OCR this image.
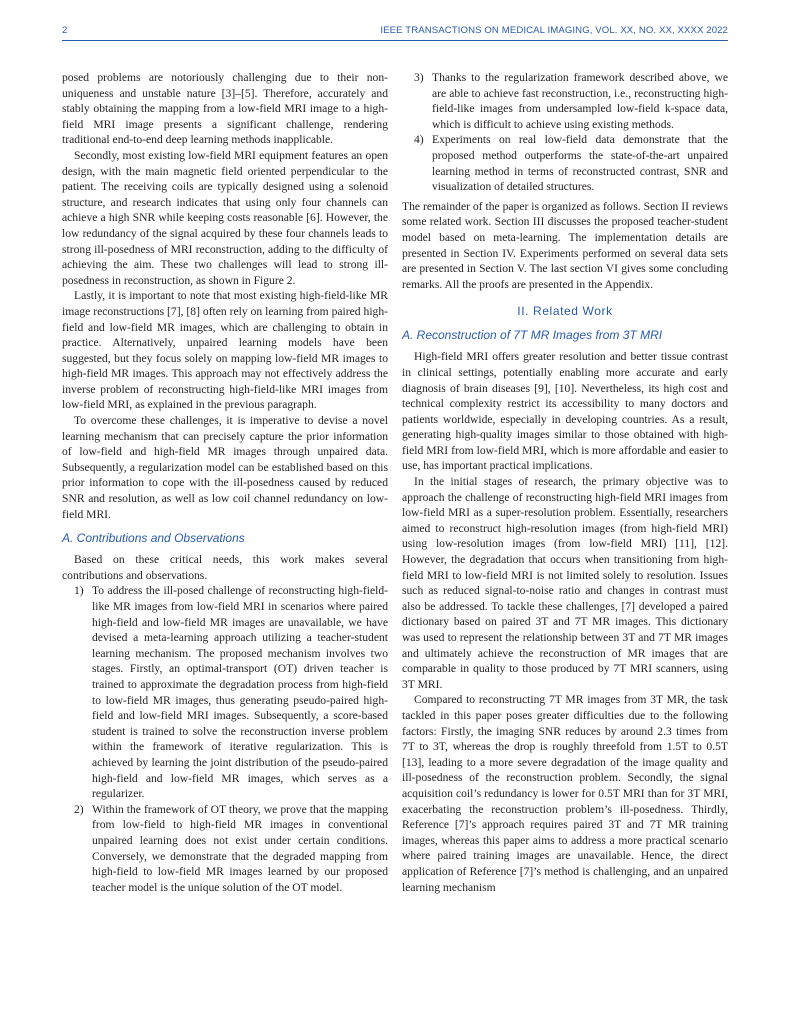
2	IEEE TRANSACTIONS ON MEDICAL IMAGING, VOL. XX, NO. XX, XXXX 2022

posed problems are notoriously challenging due to their non-uniqueness and unstable nature [3]–[5]. Therefore, accurately and stably obtaining the mapping from a low-field MRI image to a high-field MRI image presents a significant challenge, rendering traditional end-to-end deep learning methods inapplicable.

Secondly, most existing low-field MRI equipment features an open design, with the main magnetic field oriented perpendicular to the patient. The receiving coils are typically designed using a solenoid structure, and research indicates that using only four channels can achieve a high SNR while keeping costs reasonable [6]. However, the low redundancy of the signal acquired by these four channels leads to strong ill-posedness of MRI reconstruction, adding to the difficulty of achieving the aim. These two challenges will lead to strong ill-posedness in reconstruction, as shown in Figure 2.

Lastly, it is important to note that most existing high-field-like MR image reconstructions [7], [8] often rely on learning from paired high-field and low-field MR images, which are challenging to obtain in practice. Alternatively, unpaired learning models have been suggested, but they focus solely on mapping low-field MR images to high-field MR images. This approach may not effectively address the inverse problem of reconstructing high-field-like MRI images from low-field MRI, as explained in the previous paragraph.

To overcome these challenges, it is imperative to devise a novel learning mechanism that can precisely capture the prior information of low-field and high-field MR images through unpaired data. Subsequently, a regularization model can be established based on this prior information to cope with the ill-posedness caused by reduced SNR and resolution, as well as low coil channel redundancy on low-field MRI.

A. Contributions and Observations

Based on these critical needs, this work makes several contributions and observations.

1) To address the ill-posed challenge of reconstructing high-field-like MR images from low-field MRI in scenarios where paired high-field and low-field MR images are unavailable, we have devised a meta-learning approach utilizing a teacher-student learning mechanism. The proposed mechanism involves two stages. Firstly, an optimal-transport (OT) driven teacher is trained to approximate the degradation process from high-field to low-field MR images, thus generating pseudo-paired high-field and low-field MRI images. Subsequently, a score-based student is trained to solve the reconstruction inverse problem within the framework of iterative regularization. This is achieved by learning the joint distribution of the pseudo-paired high-field and low-field MR images, which serves as a regularizer.
2) Within the framework of OT theory, we prove that the mapping from low-field to high-field MR images in conventional unpaired learning does not exist under certain conditions. Conversely, we demonstrate that the degraded mapping from high-field to low-field MR images learned by our proposed teacher model is the unique solution of the OT model.
3) Thanks to the regularization framework described above, we are able to achieve fast reconstruction, i.e., reconstructing high-field-like images from undersampled low-field k-space data, which is difficult to achieve using existing methods.
4) Experiments on real low-field data demonstrate that the proposed method outperforms the state-of-the-art unpaired learning method in terms of reconstructed contrast, SNR and visualization of detailed structures.

The remainder of the paper is organized as follows. Section II reviews some related work. Section III discusses the proposed teacher-student model based on meta-learning. The implementation details are presented in Section IV. Experiments performed on several data sets are presented in Section V. The last section VI gives some concluding remarks. All the proofs are presented in the Appendix.

II. Related Work
A. Reconstruction of 7T MR Images from 3T MRI

High-field MRI offers greater resolution and better tissue contrast in clinical settings, potentially enabling more accurate and early diagnosis of brain diseases [9], [10]. Nevertheless, its high cost and technical complexity restrict its accessibility to many doctors and patients worldwide, especially in developing countries. As a result, generating high-quality images similar to those obtained with high-field MRI from low-field MRI, which is more affordable and easier to use, has important practical implications.

In the initial stages of research, the primary objective was to approach the challenge of reconstructing high-field MRI images from low-field MRI as a super-resolution problem. Essentially, researchers aimed to reconstruct high-resolution images (from high-field MRI) using low-resolution images (from low-field MRI) [11], [12]. However, the degradation that occurs when transitioning from high-field MRI to low-field MRI is not limited solely to resolution. Issues such as reduced signal-to-noise ratio and changes in contrast must also be addressed. To tackle these challenges, [7] developed a paired dictionary based on paired 3T and 7T MR images. This dictionary was used to represent the relationship between 3T and 7T MR images and ultimately achieve the reconstruction of MR images that are comparable in quality to those produced by 7T MRI scanners, using 3T MRI.

Compared to reconstructing 7T MR images from 3T MR, the task tackled in this paper poses greater difficulties due to the following factors: Firstly, the imaging SNR reduces by around 2.3 times from 7T to 3T, whereas the drop is roughly threefold from 1.5T to 0.5T [13], leading to a more severe degradation of the image quality and ill-posedness of the reconstruction problem. Secondly, the signal acquisition coil’s redundancy is lower for 0.5T MRI than for 3T MRI, exacerbating the reconstruction problem’s ill-posedness. Thirdly, Reference [7]’s approach requires paired 3T and 7T MR training images, whereas this paper aims to address a more practical scenario where paired training images are unavailable. Hence, the direct application of Reference [7]’s method is challenging, and an unpaired learning mechanism
